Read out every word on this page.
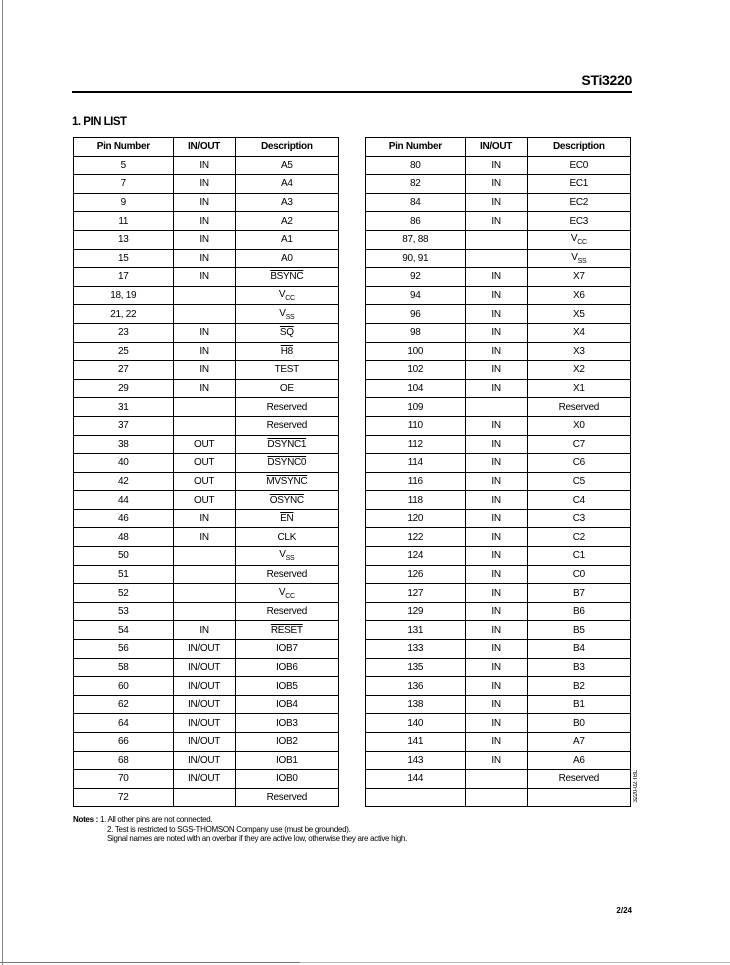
STi3220
1. PIN LIST
Pin Number	IN/OUT	Description
5	IN	A5
7	IN	A4
9	IN	A3
11	IN	A2
13	IN	A1
15	IN	A0
17	IN	BSYNC
18, 19		$V_{CC}$
21, 22		$V_{SS}$
23	IN	$\overline{SQ}$
25	IN	H8
27	IN	TEST
29	IN	OE
31		Reserved
37		Reserved
38	OUT	DSYNC1
40	OUT	DSYNC0
42	OUT	MVSYNC
44	OUT	OSYNC
46	IN	$\overline{EN}$
48	IN	CLK
50		$V_{SS}$
51		Reserved
52		$V_{CC}$
53		Reserved
54	IN	RESET
56	IN/OUT	IOB7
58	IN/OUT	IOB6
60	IN/OUT	IOB5
62	IN/OUT	IOB4
64	IN/OUT	IOB3
66	IN/OUT	IOB2
68	IN/OUT	IOB1
70	IN/OUT	IOB0
72		Reserved
Pin Number	IN/OUT	Description
80	IN	EC0
82	IN	EC1
84	IN	EC2
86	IN	EC3
87, 88		$V_{CC}$
90, 91		$V_{SS}$
92	IN	X7
94	IN	X6
96	IN	X5
98	IN	X4
100	IN	X3
102	IN	X2
104	IN	X1
109		Reserved
110	IN	X0
112	IN	C7
114	IN	C6
116	IN	C5
118	IN	C4
120	IN	C3
122	IN	C2
124	IN	C1
126	IN	C0
127	IN	B7
129	IN	B6
131	IN	B5
133	IN	B4
135	IN	B3
136	IN	B2
138	IN	B1
140	IN	B0
141	IN	A7
143	IN	A6
144		Reserved
			3220-02.TBL
Notes : 1. All other pins are not connected.
2. Test is restricted to SGS-THOMSON Company use (must be grounded).
Signal names are noted with an overbar if they are active low, otherwise they are active high.
2/24
